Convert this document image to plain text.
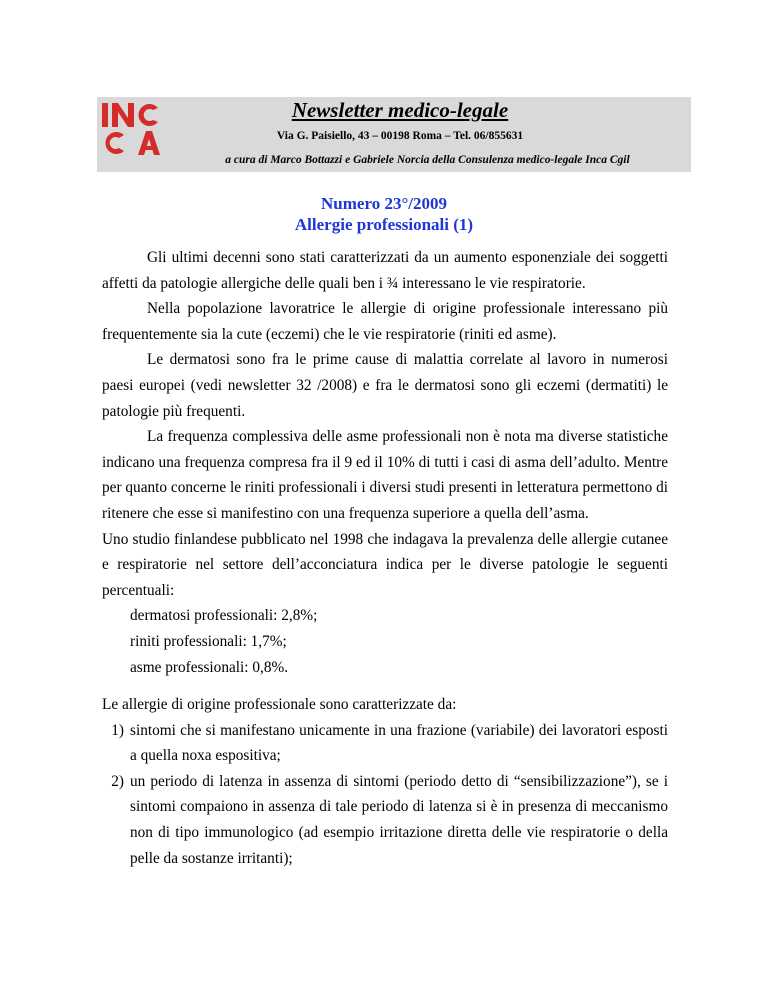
Newsletter medico-legale
Via G. Paisiello, 43 – 00198 Roma – Tel. 06/855631
a cura di Marco Bottazzi e Gabriele Norcia della Consulenza medico-legale Inca Cgil
Numero 23°/2009
Allergie professionali (1)

Gli ultimi decenni sono stati caratterizzati da un aumento esponenziale dei soggetti affetti da patologie allergiche delle quali ben i ¾ interessano le vie respiratorie.

Nella popolazione lavoratrice le allergie di origine professionale interessano più frequentemente sia la cute (eczemi) che le vie respiratorie (riniti ed asme).

Le dermatosi sono fra le prime cause di malattia correlate al lavoro in numerosi paesi europei (vedi newsletter 32 /2008) e fra le dermatosi sono gli eczemi (dermatiti) le patologie più frequenti.

La frequenza complessiva delle asme professionali non è nota ma diverse statistiche indicano una frequenza compresa fra il 9 ed il 10% di tutti i casi di asma dell’adulto. Mentre per quanto concerne le riniti professionali i diversi studi presenti in letteratura permettono di ritenere che esse si manifestino con una frequenza superiore a quella dell’asma.

Uno studio finlandese pubblicato nel 1998 che indagava la prevalenza delle allergie cutanee e respiratorie nel settore dell’acconciatura indica per le diverse patologie le seguenti percentuali:

dermatosi professionali: 2,8%;

riniti professionali: 1,7%;

asme professionali: 0,8%.

Le allergie di origine professionale sono caratterizzate da:

1) sintomi che si manifestano unicamente in una frazione (variabile) dei lavoratori esposti a quella noxa espositiva;
2) un periodo di latenza in assenza di sintomi (periodo detto di “sensibilizzazione”), se i sintomi compaiono in assenza di tale periodo di latenza si è in presenza di meccanismo non di tipo immunologico (ad esempio irritazione diretta delle vie respiratorie o della pelle da sostanze irritanti);
